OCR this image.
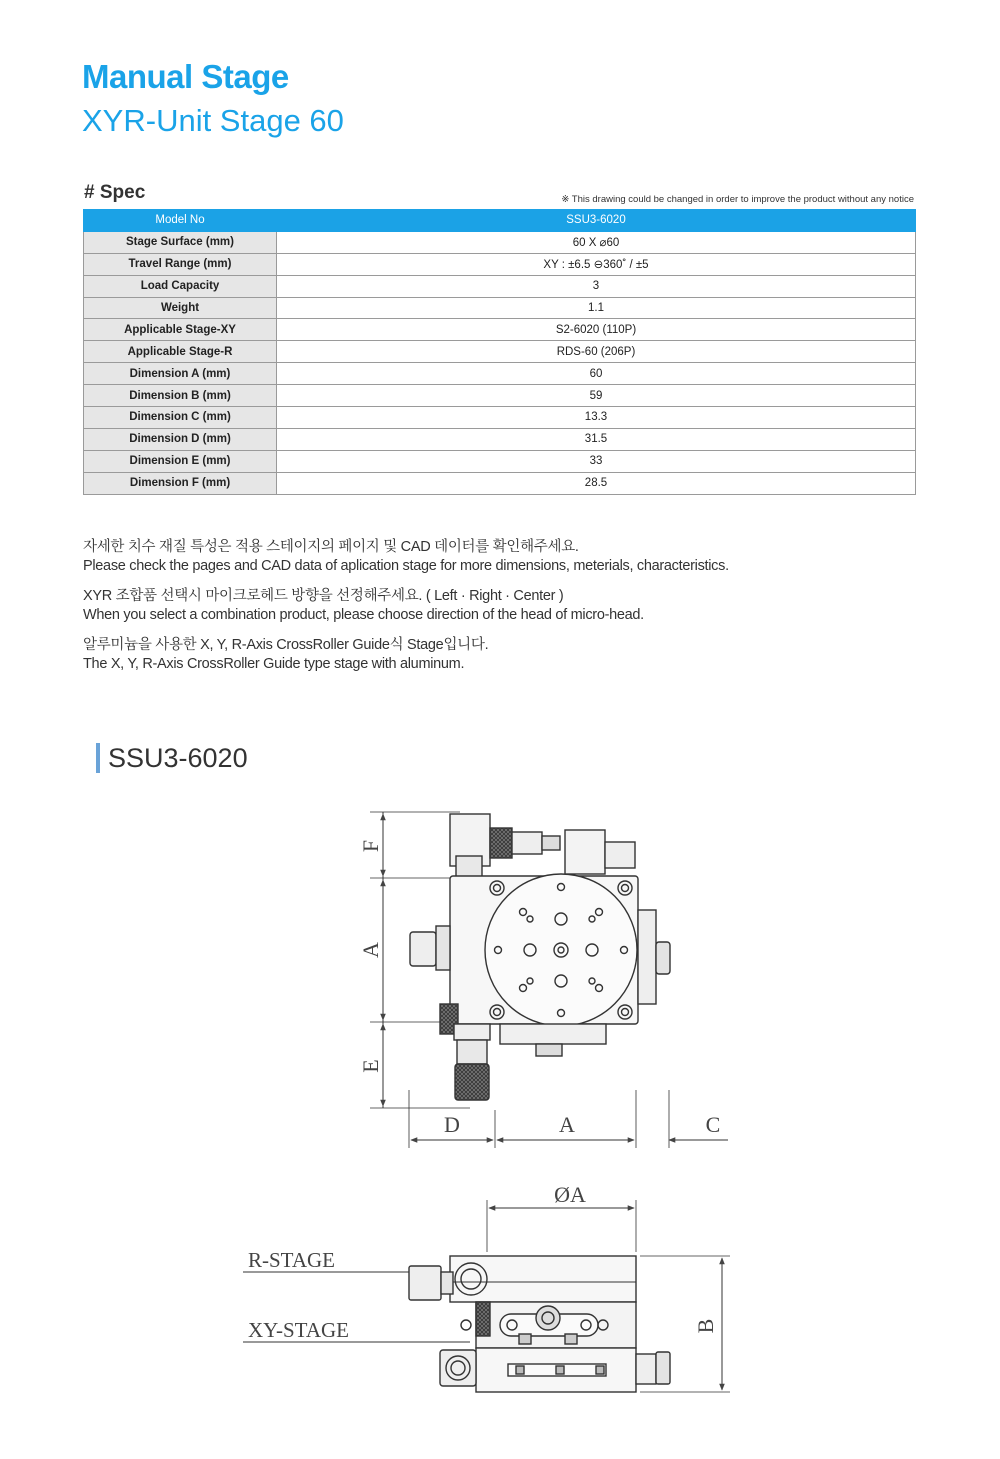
Manual Stage
XYR-Unit Stage 60
# Spec	※ This drawing could be changed in order to improve the product without any notice
Model No	SSU3-6020
Stage Surface (mm)	60 X ⌀60
Travel Range (mm)	XY : ±6.5 ⊖360˚ / ±5
Load Capacity	3
Weight	1.1
Applicable Stage-XY	S2-6020 (110P)
Applicable Stage-R	RDS-60 (206P)
Dimension A (mm)	60
Dimension B (mm)	59
Dimension C (mm)	13.3
Dimension D (mm)	31.5
Dimension E (mm)	33
Dimension F (mm)	28.5

자세한 치수 재질 특성은 적용 스테이지의 페이지 및 CAD 데이터를 확인해주세요.
Please check the pages and CAD data of aplication stage for more dimensions, meterials, characteristics.

XYR 조합품 선택시 마이크로헤드 방향을 선정해주세요. ( Left · Right · Center )
When you select a combination product, please choose direction of the head of micro-head.

알루미늄을 사용한 X, Y, R-Axis CrossRoller Guide식 Stage입니다.
The X, Y, R-Axis CrossRoller Guide type stage with aluminum.

SSU3-6020
F
A
E
D	A	C
ØA
B
R-STAGE
XY-STAGE
